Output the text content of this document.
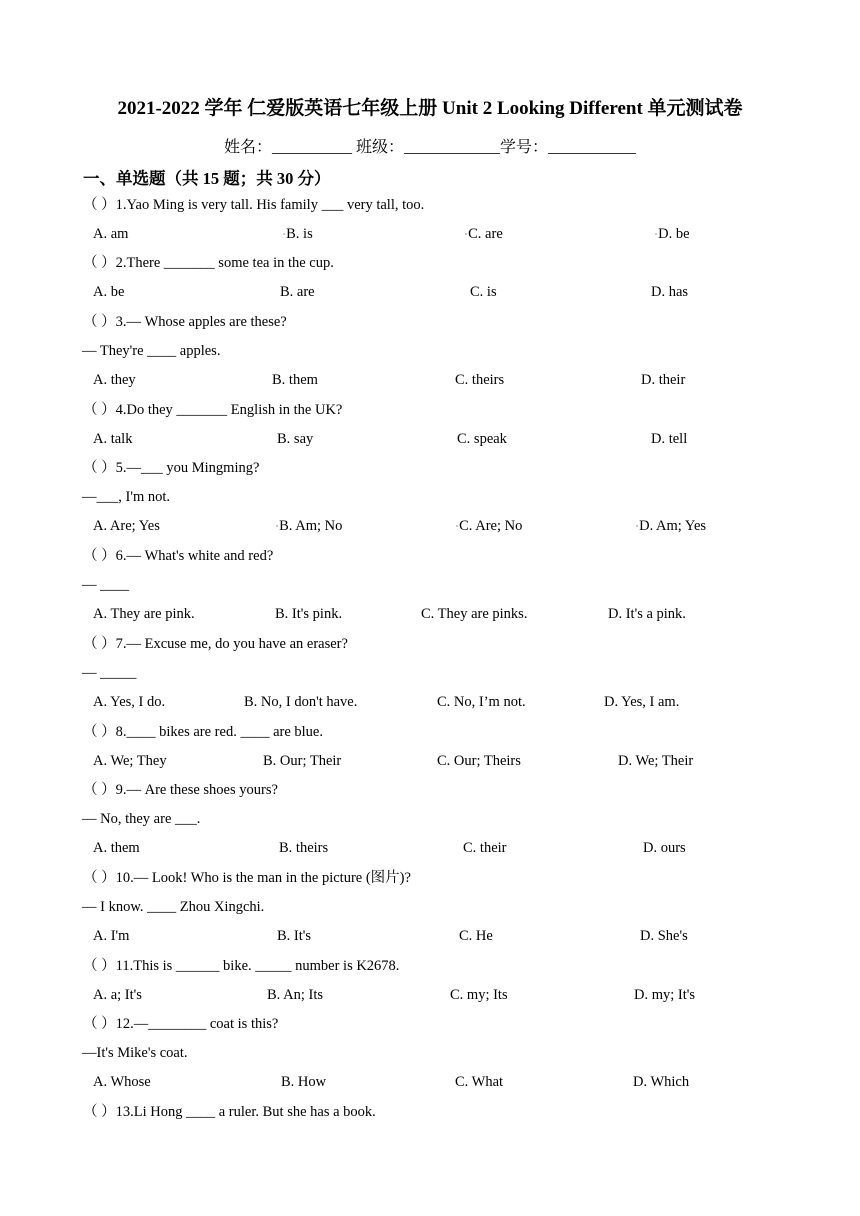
2021-2022 学年 仁爱版英语七年级上册 Unit 2 Looking Different 单元测试卷
姓名：__________ 班级：____________学号：___________
一、单选题（共 15 题；共 30 分）
（ ）1.Yao Ming is very tall. His family ___ very tall, too.
A. am	▫B. is	▫C. are	▫D. be
（ ）2.There _______ some tea in the cup.
A. be	B. are	C. is	D. has
（ ）3.— Whose apples are these?
— They're ____ apples.
A. they	B. them	C. theirs	D. their
（ ）4.Do they _______ English in the UK?
A. talk	B. say	C. speak	D. tell
（ ）5.—___ you Mingming?
—___, I'm not.
A. Are; Yes	▫B. Am; No	▫C. Are; No	▫D. Am; Yes
（ ）6.— What's white and red?
— ____
A. They are pink.	B. It's pink.	C. They are pinks.	D. It's a pink.
（ ）7.— Excuse me, do you have an eraser?
— _____
A. Yes, I do.	B. No, I don't have.	C. No, I’m not.	D. Yes, I am.
（ ）8.____ bikes are red. ____ are blue.
A. We; They	B. Our; Their	C. Our; Theirs	D. We; Their
（ ）9.— Are these shoes yours?
— No, they are ___.
A. them	B. theirs	C. their	D. ours
（ ）10.— Look! Who is the man in the picture (图片)?
— I know. ____ Zhou Xingchi.
A. I'm	B. It's	C. He	D. She's
（ ）11.This is ______ bike. _____ number is K2678.
A. a; It's	B. An; Its	C. my; Its	D. my; It's
（ ）12.—________ coat is this?
—It's Mike's coat.
A. Whose	B. How	C. What	D. Which
（ ）13.Li Hong ____ a ruler. But she has a book.
